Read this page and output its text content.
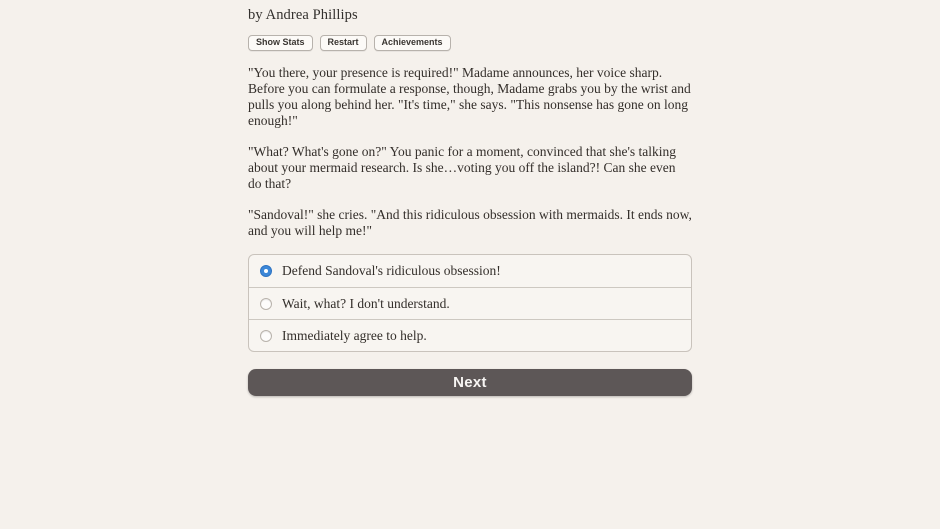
by Andrea Phillips
Show Stats	Restart	Achievements

"You there, your presence is required!" Madame announces, her voice sharp. Before you can formulate a response, though, Madame grabs you by the wrist and pulls you along behind her. "It's time," she says. "This nonsense has gone on long enough!"

"What? What's gone on?" You panic for a moment, convinced that she's talking about your mermaid research. Is she…voting you off the island?! Can she even do that?

"Sandoval!" she cries. "And this ridiculous obsession with mermaids. It ends now, and you will help me!"

Defend Sandoval's ridiculous obsession!
Wait, what? I don't understand.
Immediately agree to help.
Next
